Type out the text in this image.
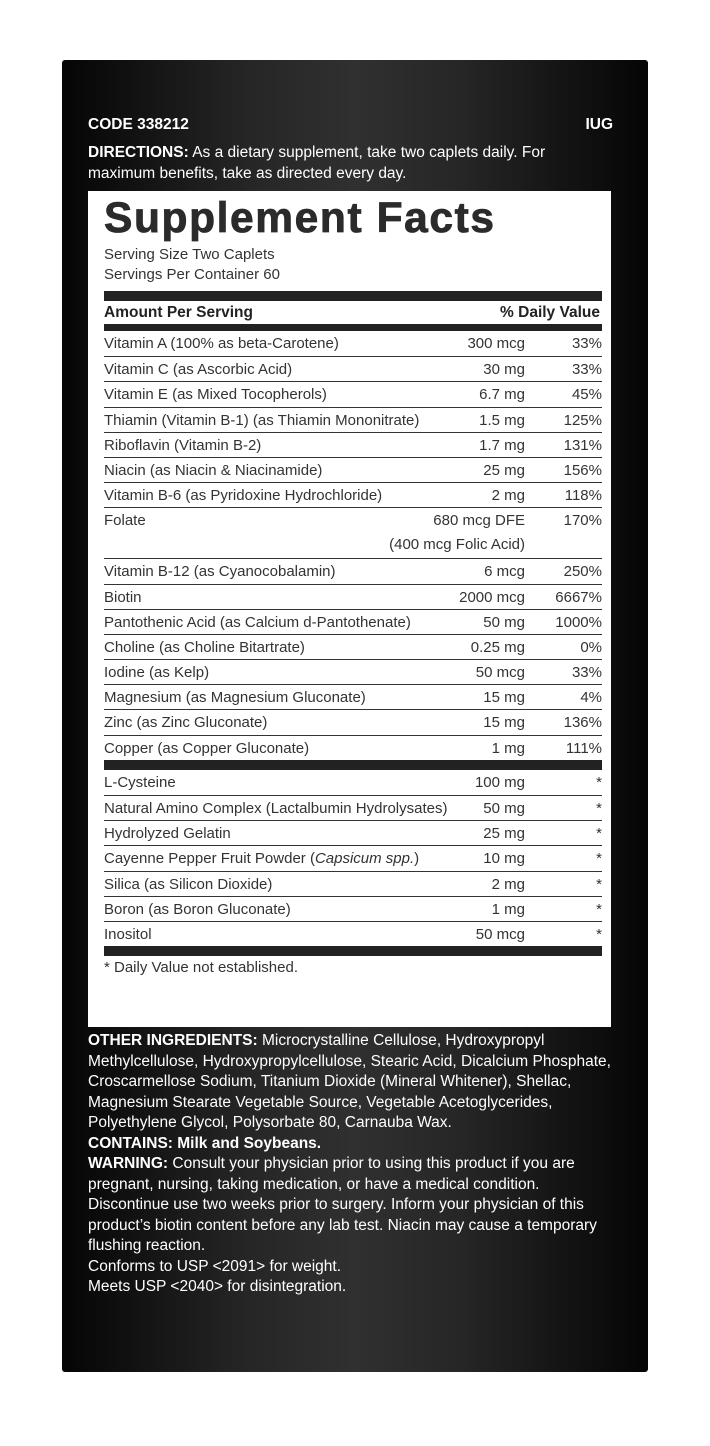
CODE 338212	IUG
DIRECTIONS: As a dietary supplement, take two caplets daily. For maximum benefits, take as directed every day.
Supplement Facts
Serving Size Two Caplets
Servings Per Container 60
Amount Per Serving	% Daily Value
Vitamin A (100% as beta-Carotene)	300 mcg	33%
Vitamin C (as Ascorbic Acid)	30 mg	33%
Vitamin E (as Mixed Tocopherols)	6.7 mg	45%
Thiamin (Vitamin B-1) (as Thiamin Mononitrate)	1.5 mg	125%
Riboflavin (Vitamin B-2)	1.7 mg	131%
Niacin (as Niacin & Niacinamide)	25 mg	156%
Vitamin B-6 (as Pyridoxine Hydrochloride)	2 mg	118%
Folate	680 mcg DFE	170%
(400 mcg Folic Acid)
Vitamin B-12 (as Cyanocobalamin)	6 mcg	250%
Biotin	2000 mcg 6667%
Pantothenic Acid (as Calcium d-Pantothenate)	50 mg 1000%
Choline (as Choline Bitartrate)	0.25 mg	0%
Iodine (as Kelp)	50 mcg	33%
Magnesium (as Magnesium Gluconate)	15 mg	4%
Zinc (as Zinc Gluconate)	15 mg	136%
Copper (as Copper Gluconate)	1 mg	111%
L-Cysteine	100 mg	*
Natural Amino Complex (Lactalbumin Hydrolysates) 50 mg	*
Hydrolyzed Gelatin	25 mg	*
Cayenne Pepper Fruit Powder (Capsicum spp.)	10 mg	*
Silica (as Silicon Dioxide)	2 mg	*
Boron (as Boron Gluconate)	1 mg	*
Inositol	50 mcg	*
* Daily Value not established.

OTHER INGREDIENTS: Microcrystalline Cellulose, Hydroxypropyl Methylcellulose, Hydroxypropylcellulose, Stearic Acid, Dicalcium Phosphate, Croscarmellose Sodium, Titanium Dioxide (Mineral Whitener), Shellac, Magnesium Stearate Vegetable Source, Vegetable Acetoglycerides, Polyethylene Glycol, Polysorbate 80, Carnauba Wax.

CONTAINS: Milk and Soybeans.

WARNING: Consult your physician prior to using this product if you are pregnant, nursing, taking medication, or have a medical condition. Discontinue use two weeks prior to surgery. Inform your physician of this product’s biotin content before any lab test. Niacin may cause a temporary flushing reaction.

Conforms to USP <2091> for weight.

Meets USP <2040> for disintegration.
